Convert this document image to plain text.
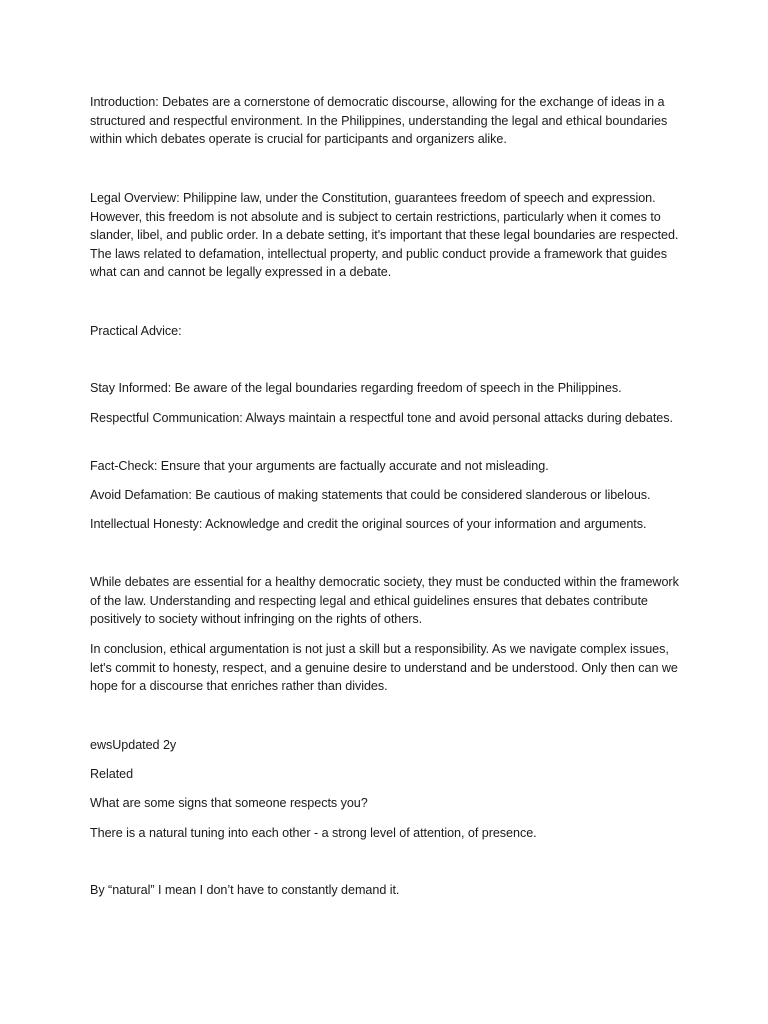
Introduction: Debates are a cornerstone of democratic discourse, allowing for the exchange of ideas in a structured and respectful environment. In the Philippines, understanding the legal and ethical boundaries within which debates operate is crucial for participants and organizers alike.

Legal Overview: Philippine law, under the Constitution, guarantees freedom of speech and expression. However, this freedom is not absolute and is subject to certain restrictions, particularly when it comes to slander, libel, and public order. In a debate setting, it's important that these legal boundaries are respected. The laws related to defamation, intellectual property, and public conduct provide a framework that guides what can and cannot be legally expressed in a debate.

Practical Advice:

Stay Informed: Be aware of the legal boundaries regarding freedom of speech in the Philippines.

Respectful Communication: Always maintain a respectful tone and avoid personal attacks during debates.

Fact-Check: Ensure that your arguments are factually accurate and not misleading.

Avoid Defamation: Be cautious of making statements that could be considered slanderous or libelous.

Intellectual Honesty: Acknowledge and credit the original sources of your information and arguments.

While debates are essential for a healthy democratic society, they must be conducted within the framework of the law. Understanding and respecting legal and ethical guidelines ensures that debates contribute positively to society without infringing on the rights of others.

In conclusion, ethical argumentation is not just a skill but a responsibility. As we navigate complex issues, let's commit to honesty, respect, and a genuine desire to understand and be understood. Only then can we hope for a discourse that enriches rather than divides.

ewsUpdated 2y

Related

What are some signs that someone respects you?

There is a natural tuning into each other - a strong level of attention, of presence.

By “natural” I mean I don’t have to constantly demand it.
